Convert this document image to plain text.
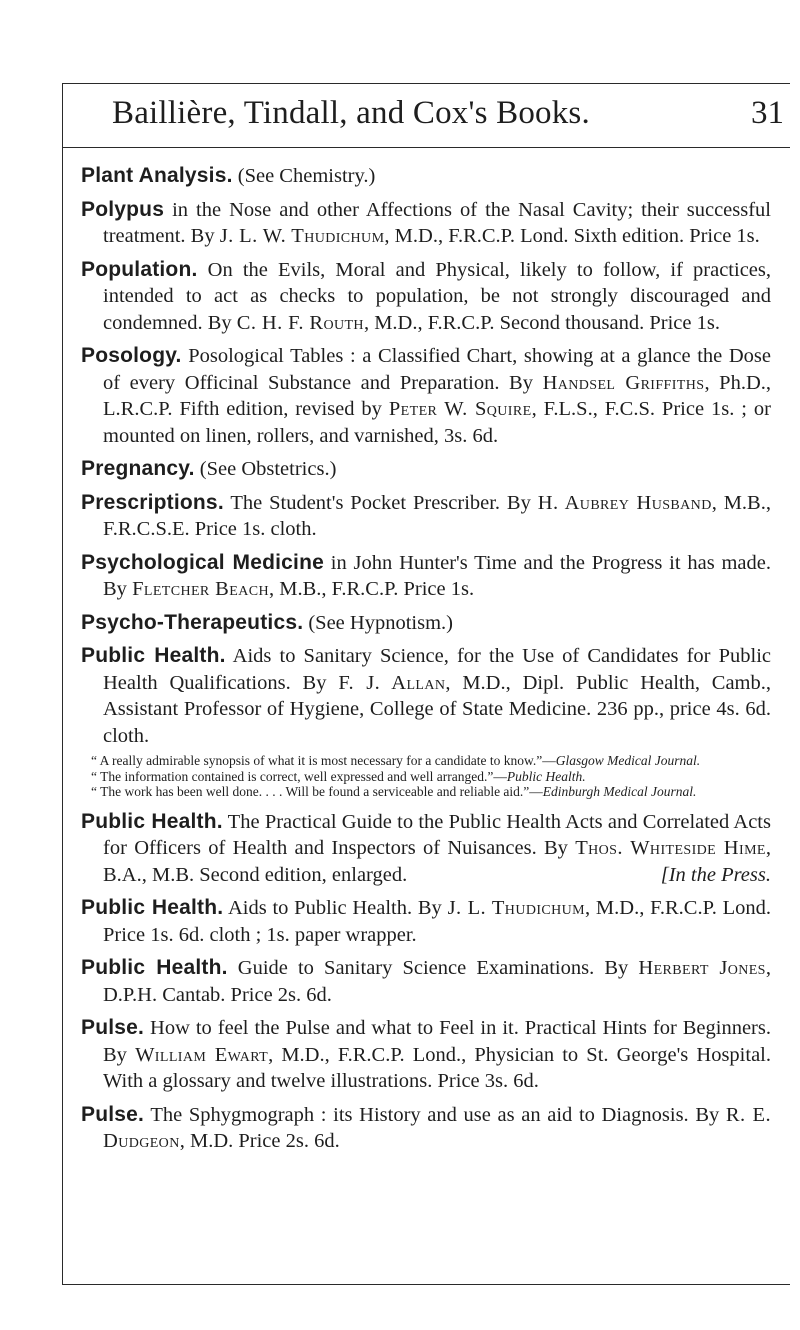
Baillière, Tindall, and Cox's Books.	31

Plant Analysis. (See Chemistry.)

Polypus in the Nose and other Affections of the Nasal Cavity; their successful treatment. By J. L. W. Thudichum, M.D., F.R.C.P. Lond. Sixth edition. Price 1s.

Population. On the Evils, Moral and Physical, likely to follow, if practices, intended to act as checks to population, be not strongly discouraged and condemned. By C. H. F. Routh, M.D., F.R.C.P. Second thousand. Price 1s.

Posology. Posological Tables : a Classified Chart, showing at a glance the Dose of every Officinal Substance and Preparation. By Handsel Griffiths, Ph.D., L.R.C.P. Fifth edition, revised by Peter W. Squire, F.L.S., F.C.S. Price 1s. ; or mounted on linen, rollers, and varnished, 3s. 6d.

Pregnancy. (See Obstetrics.)

Prescriptions. The Student's Pocket Prescriber. By H. Aubrey Husband, M.B., F.R.C.S.E. Price 1s. cloth.

Psychological Medicine in John Hunter's Time and the Progress it has made. By Fletcher Beach, M.B., F.R.C.P. Price 1s.

Psycho-Therapeutics. (See Hypnotism.)

Public Health. Aids to Sanitary Science, for the Use of Candidates for Public Health Qualifications. By F. J. Allan, M.D., Dipl. Public Health, Camb., Assistant Professor of Hygiene, College of State Medicine. 236 pp., price 4s. 6d. cloth.

“ A really admirable synopsis of what it is most necessary for a candidate to know.”—Glasgow Medical Journal.

“ The information contained is correct, well expressed and well arranged.”—Public Health.

“ The work has been well done. . . . Will be found a serviceable and reliable aid.”—Edinburgh Medical Journal.

Public Health. The Practical Guide to the Public Health Acts and Correlated Acts for Officers of Health and Inspectors of Nuisances. By Thos. Whiteside Hime, B.A., M.B. Second edition, enlarged.	[In the Press.

Public Health. Aids to Public Health. By J. L. Thudichum, M.D., F.R.C.P. Lond. Price 1s. 6d. cloth ; 1s. paper wrapper.

Public Health. Guide to Sanitary Science Examinations. By Herbert Jones, D.P.H. Cantab. Price 2s. 6d.

Pulse. How to feel the Pulse and what to Feel in it. Practical Hints for Beginners. By William Ewart, M.D., F.R.C.P. Lond., Physician to St. George's Hospital. With a glossary and twelve illustrations. Price 3s. 6d.

Pulse. The Sphygmograph : its History and use as an aid to Diagnosis. By R. E. Dudgeon, M.D. Price 2s. 6d.
